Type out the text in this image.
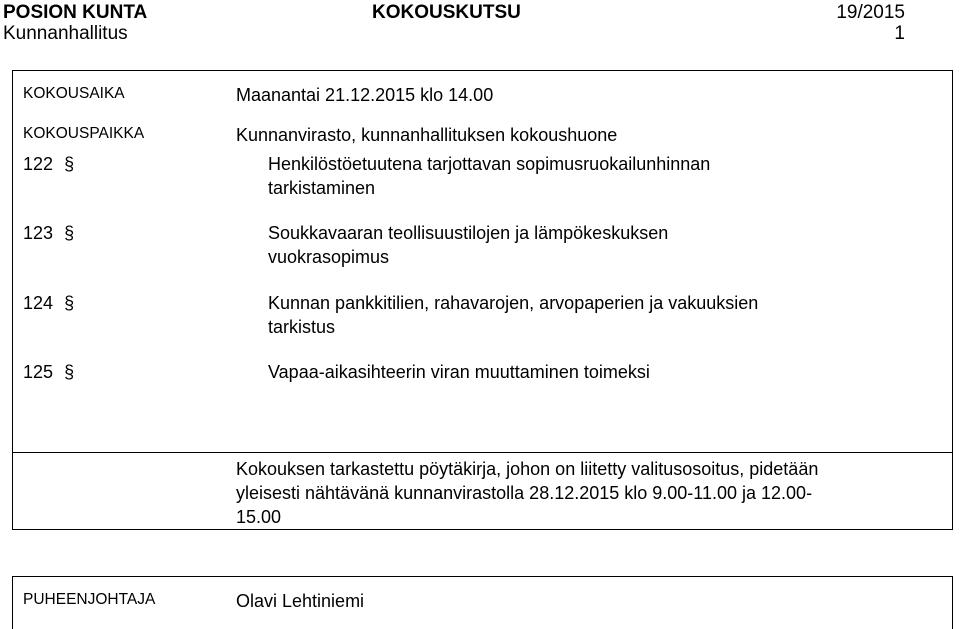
POSION KUNTA	KOKOUSKUTSU	19/2015
Kunnanhallitus	1
KOKOUSAIKA	Maanantai 21.12.2015 klo 14.00
KOKOUSPAIKKA	Kunnanvirasto, kunnanhallituksen kokoushuone
122 §	Henkilöstöetuutena tarjottavan sopimusruokailunhinnan
tarkistaminen
123 §	Soukkavaaran teollisuustilojen ja lämpökeskuksen
vuokrasopimus
124 §	Kunnan pankkitilien, rahavarojen, arvopaperien ja vakuuksien
tarkistus
125 §	Vapaa-aikasihteerin viran muuttaminen toimeksi
Kokouksen tarkastettu pöytäkirja, johon on liitetty valitusosoitus, pidetään
yleisesti nähtävänä kunnanvirastolla 28.12.2015 klo 9.00-11.00 ja 12.00-
15.00
PUHEENJOHTAJA	Olavi Lehtiniemi
